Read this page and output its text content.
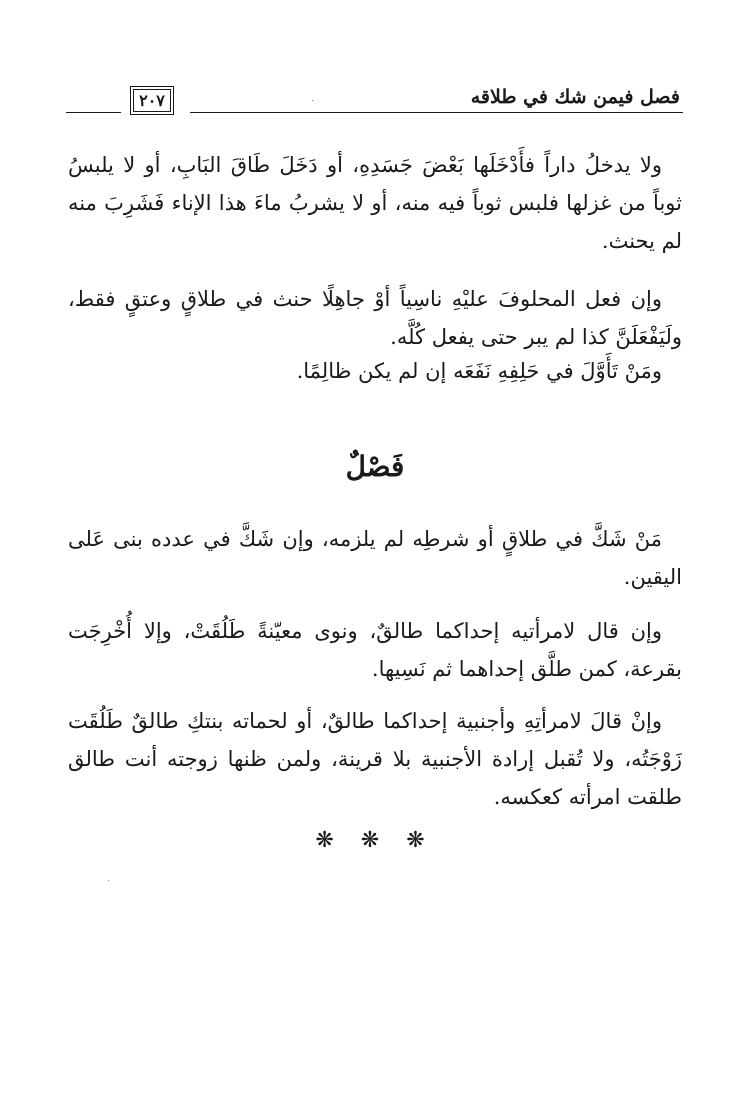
فصل فيمن شك في طلاقه
٢٠٧

ولا يدخلُ داراً فأَدْخَلَها بَعْضَ جَسَدِهِ، أو دَخَلَ طَاقَ البَابِ، أو لا يلبسُ ثوباً من غزلها فلبس ثوباً فيه منه، أو لا يشربُ ماءَ هذا الإناء فَشَرِبَ منه لم يحنث.

وإن فعل المحلوفَ عليْهِ ناسِياً أوْ جاهِلًا حنث في طلاقٍ وعتقٍ فقط، ولَيَفْعَلَنَّ كذا لم يبر حتى يفعل كُلَّه.

ومَنْ تَأَوَّلَ في حَلِفِهِ نَفَعَه إن لم يكن ظالِمًا.

فَصْلٌ

مَنْ شَكَّ في طلاقٍ أو شرطِه لم يلزمه، وإن شَكَّ في عدده بنى عَلى اليقين.

وإن قال لامرأتيه إحداكما طالقٌ، ونوى معيّنةً طَلُقَتْ، وإلا أُخْرِجَت بقرعة، كمن طلَّق إحداهما ثم نَسِيها.

وإنْ قالَ لامرأتِهِ وأجنبية إحداكما طالقٌ، أو لحماته بنتكِ طالقٌ طَلُقَت زَوْجَتُه، ولا تُقبل إرادة الأجنبية بلا قرينة، ولمن ظنها زوجته أنت طالق طلقت امرأته كعكسه.

❋ ❋ ❋
